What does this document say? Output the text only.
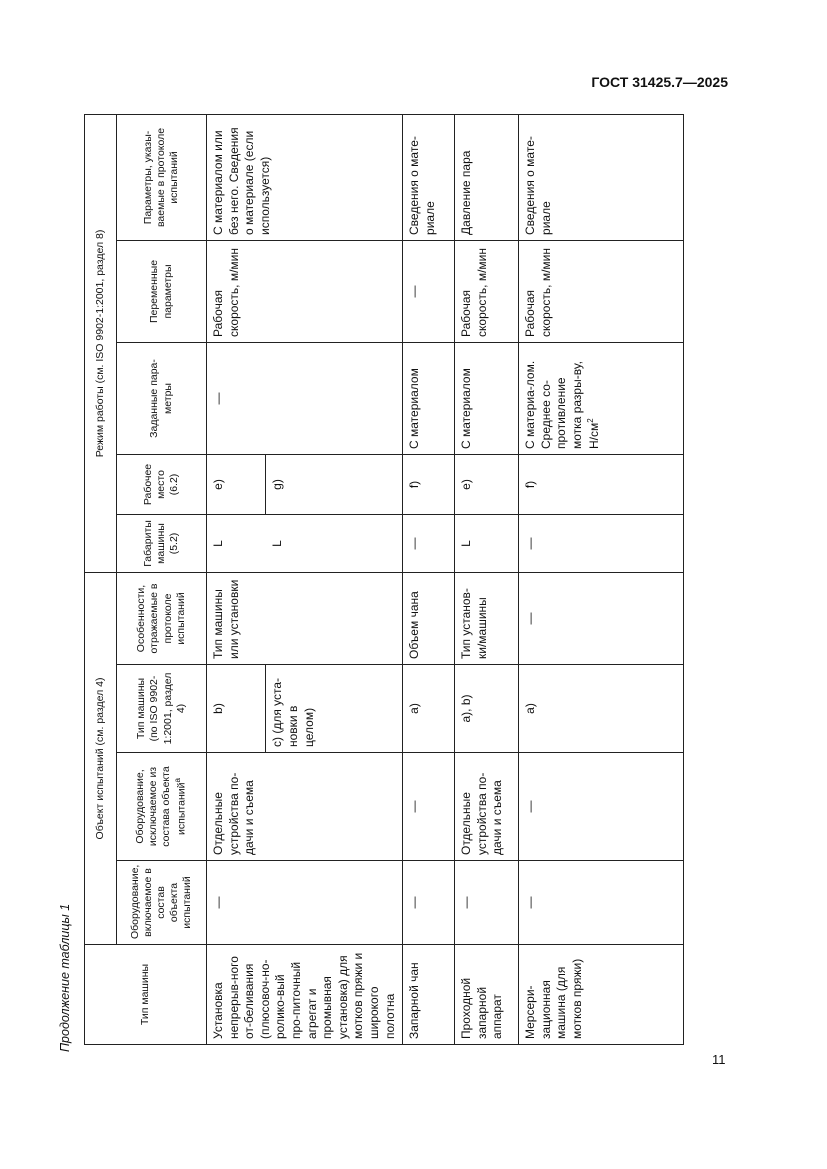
ГОСТ 31425.7—2025
Продолжение таблицы 1	Тип машины	Объект испытаний (см. раздел 4)				Режим работы (см. ISO 9902-1:2001, раздел 8)				
	Оборудование, включаемое в состав объекта испытаний	Оборудование, исключаемое из состава объекта испытаний$^a$	Тип машины (по ISO 9902-1:2001, раздел 4)	Особенности, отражаемые в протоколе испытаний	Габариты машины (5.2)	Рабочее место (6.2)	Заданные пара-метры	Переменные параметры	Параметры, указы-ваемые в протоколе испытаний
Установка непрерыв-ного от-беливания (плюсовоч-но-ролико-вый про-питочный агрегат и промывная установка) для мотков пряжи и широкого полотна	—	Отдельные устройства по-дачи и съема	b)	Тип машины или установки	L	e)	—	Рабочая скорость, м/мин	С материалом или без него. Сведения о материале (если используется)
			c) (для уста-новки в целом)		L	g)			
Запарной чан	—	—	a)	Объем чана	—	f)	С материалом	—	Сведения о мате-риале
Проходной запарной аппарат	—	Отдельные устройства по-дачи и съема	a), b)	Тип установ-ки/машины	L	e)	С материалом	Рабочая скорость, м/мин	Давление пара
Мерсери-зационная машина (для мотков пряжи)	—	—	a)	—	—	f)	С материа-лом. Среднее со-противление мотка разры-ву, $Н/см^2$	Рабочая скорость, м/мин	Сведения о мате-риале
11
